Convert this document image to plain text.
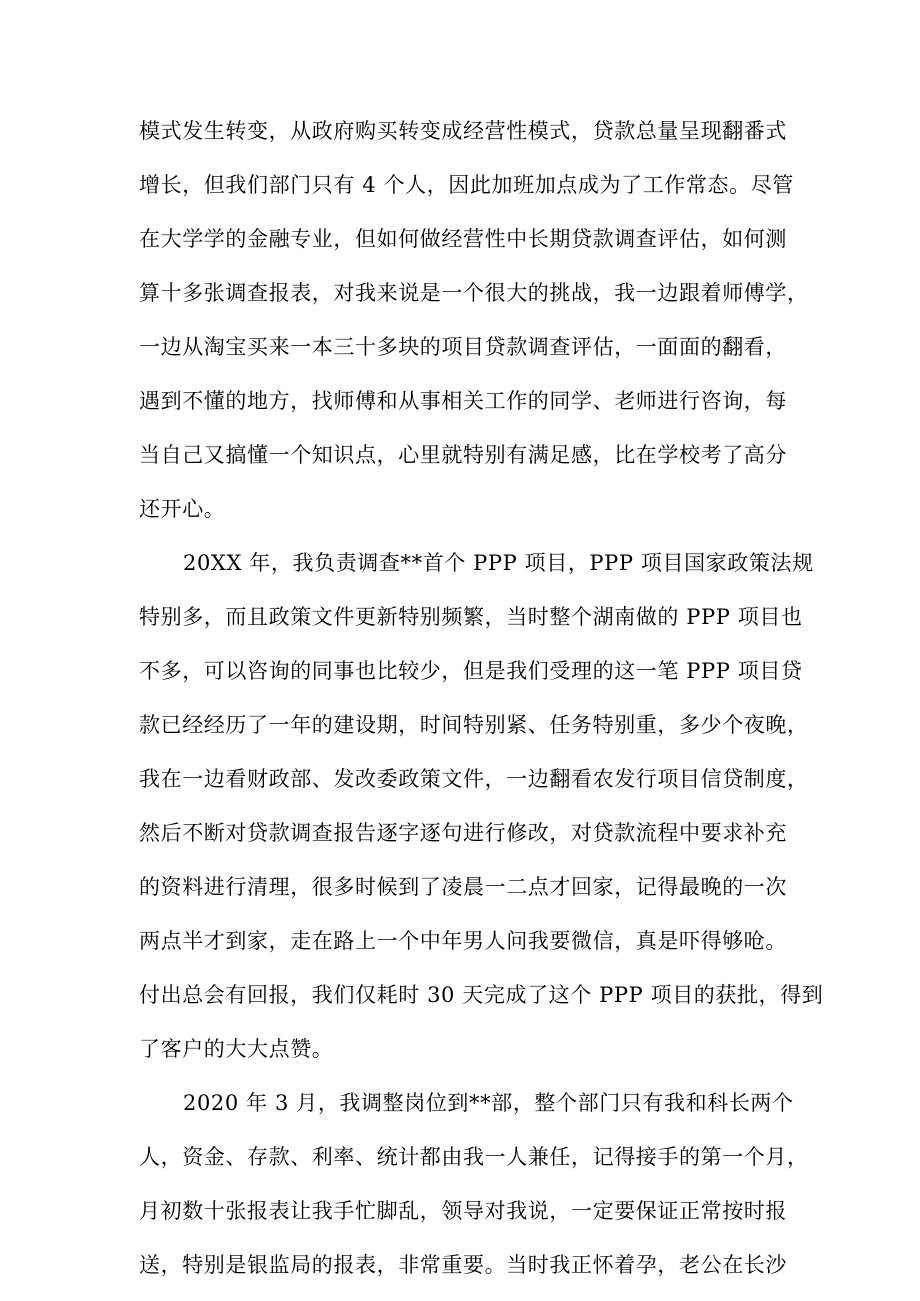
模式发生转变，从政府购买转变成经营性模式，贷款总量呈现翻番式
增长，但我们部门只有 4 个人，因此加班加点成为了工作常态。尽管
在大学学的金融专业，但如何做经营性中长期贷款调查评估，如何测
算十多张调查报表，对我来说是一个很大的挑战，我一边跟着师傅学，
一边从淘宝买来一本三十多块的项目贷款调查评估，一面面的翻看，
遇到不懂的地方，找师傅和从事相关工作的同学、老师进行咨询，每
当自己又搞懂一个知识点，心里就特别有满足感，比在学校考了高分
还开心。
20XX 年，我负责调查**首个 PPP 项目，PPP 项目国家政策法规
特别多，而且政策文件更新特别频繁，当时整个湖南做的 PPP 项目也
不多，可以咨询的同事也比较少，但是我们受理的这一笔 PPP 项目贷
款已经经历了一年的建设期，时间特别紧、任务特别重，多少个夜晚，
我在一边看财政部、发改委政策文件，一边翻看农发行项目信贷制度，
然后不断对贷款调查报告逐字逐句进行修改，对贷款流程中要求补充
的资料进行清理，很多时候到了凌晨一二点才回家，记得最晚的一次
两点半才到家，走在路上一个中年男人问我要微信，真是吓得够呛。
付出总会有回报，我们仅耗时 30 天完成了这个 PPP 项目的获批，得到
了客户的大大点赞。
2020 年 3 月，我调整岗位到**部，整个部门只有我和科长两个
人，资金、存款、利率、统计都由我一人兼任，记得接手的第一个月，
月初数十张报表让我手忙脚乱，领导对我说，一定要保证正常按时报
送，特别是银监局的报表，非常重要。当时我正怀着孕，老公在长沙
